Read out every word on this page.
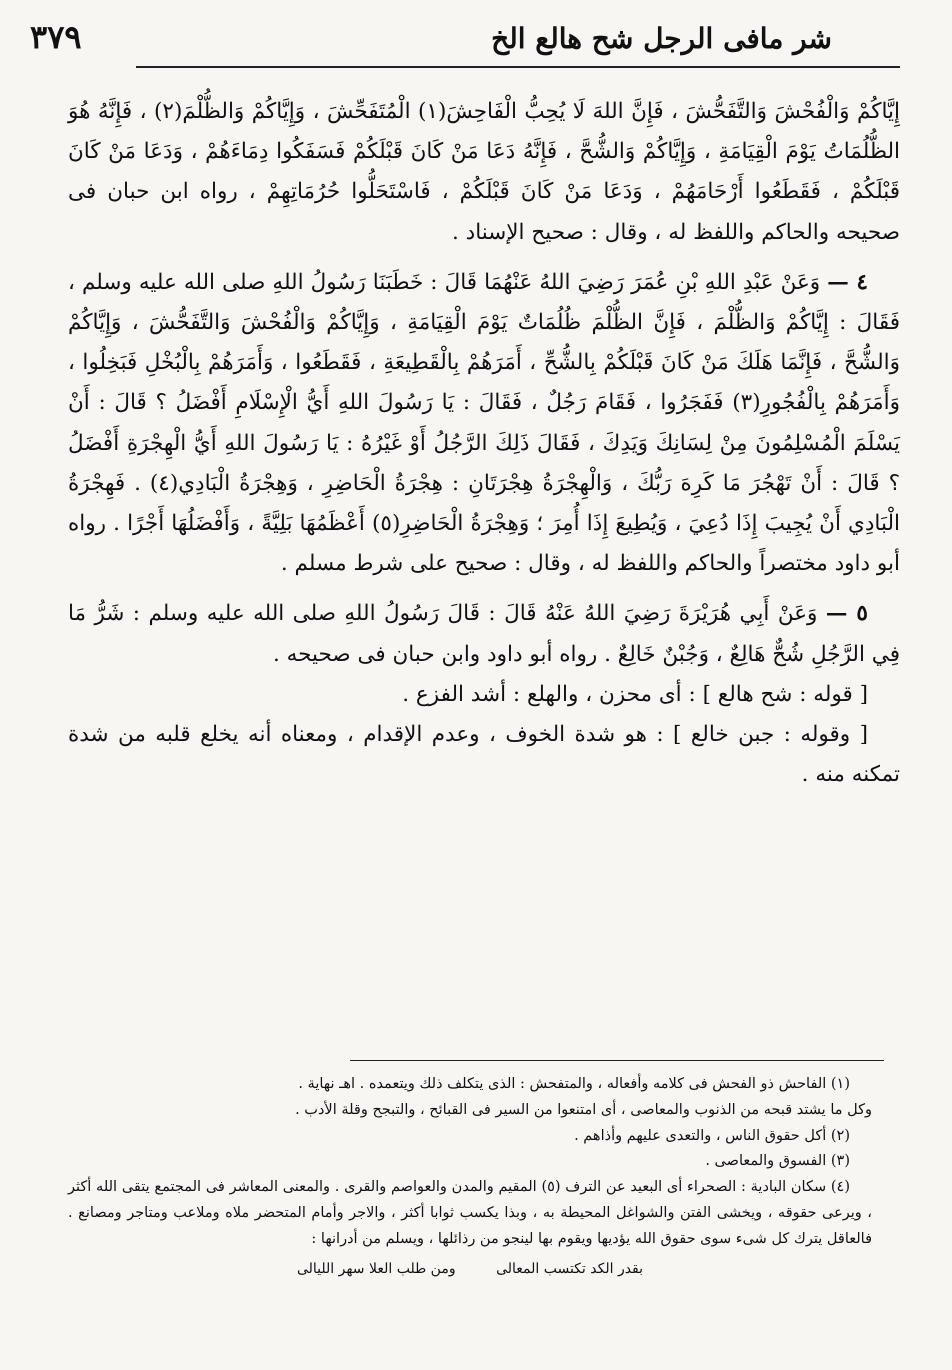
شر مافى الرجل شح هالع الخ
٣٧٩

إِيَّاكُمْ وَالْفُحْشَ وَالتَّفَحُّشَ ، فَإِنَّ اللهَ لَا يُحِبُّ الْفَاحِشَ(١) الْمُتَفَحِّشَ ، وَإِيَّاكُمْ وَالظُّلْمَ(٢) ، فَإِنَّهُ هُوَ الظُّلُمَاتُ يَوْمَ الْقِيَامَةِ ، وَإِيَّاكُمْ وَالشُّحَّ ، فَإِنَّهُ دَعَا مَنْ كَانَ قَبْلَكُمْ فَسَفَكُوا دِمَاءَهُمْ ، وَدَعَا مَنْ كَانَ قَبْلَكُمْ ، فَقَطَعُوا أَرْحَامَهُمْ ، وَدَعَا مَنْ كَانَ قَبْلَكُمْ ، فَاسْتَحَلُّوا حُرُمَاتِهِمْ ، رواه ابن حبان فى صحيحه والحاكم واللفظ له ، وقال : صحيح الإسناد .

٤ — وَعَنْ عَبْدِ اللهِ بْنِ عُمَرَ رَضِيَ اللهُ عَنْهُمَا قَالَ : خَطَبَنَا رَسُولُ اللهِ صلى الله عليه وسلم ، فَقَالَ : إِيَّاكُمْ وَالظُّلْمَ ، فَإِنَّ الظُّلْمَ ظُلُمَاتٌ يَوْمَ الْقِيَامَةِ ، وَإِيَّاكُمْ وَالْفُحْشَ وَالتَّفَحُّشَ ، وَإِيَّاكُمْ وَالشُّحَّ ، فَإِنَّمَا هَلَكَ مَنْ كَانَ قَبْلَكُمْ بِالشُّحِّ ، أَمَرَهُمْ بِالْقَطِيعَةِ ، فَقَطَعُوا ، وَأَمَرَهُمْ بِالْبُخْلِ فَبَخِلُوا ، وَأَمَرَهُمْ بِالْفُجُورِ(٣) فَفَجَرُوا ، فَقَامَ رَجُلٌ ، فَقَالَ : يَا رَسُولَ اللهِ أَيُّ الْإِسْلَامِ أَفْضَلُ ؟ قَالَ : أَنْ يَسْلَمَ الْمُسْلِمُونَ مِنْ لِسَانِكَ وَيَدِكَ ، فَقَالَ ذَلِكَ الرَّجُلُ أَوْ غَيْرُهُ : يَا رَسُولَ اللهِ أَيُّ الْهِجْرَةِ أَفْضَلُ ؟ قَالَ : أَنْ تَهْجُرَ مَا كَرِهَ رَبُّكَ ، وَالْهِجْرَةُ هِجْرَتَانِ : هِجْرَةُ الْحَاضِرِ ، وَهِجْرَةُ الْبَادِي(٤) . فَهِجْرَةُ الْبَادِي أَنْ يُجِيبَ إِذَا دُعِيَ ، وَيُطِيعَ إِذَا أُمِرَ ؛ وَهِجْرَةُ الْحَاضِرِ(٥) أَعْظَمُهَا بَلِيَّةً ، وَأَفْضَلُهَا أَجْرًا . رواه أبو داود مختصراً والحاكم واللفظ له ، وقال : صحيح على شرط مسلم .

٥ — وَعَنْ أَبِي هُرَيْرَةَ رَضِيَ اللهُ عَنْهُ قَالَ : قَالَ رَسُولُ اللهِ صلى الله عليه وسلم : شَرُّ مَا فِي الرَّجُلِ شُحٌّ هَالِعٌ ، وَجُبْنٌ خَالِعٌ . رواه أبو داود وابن حبان فى صحيحه .

[ قوله : شح هالع ] : أى محزن ، والهلع : أشد الفزع .

[ وقوله : جبن خالع ] : هو شدة الخوف ، وعدم الإقدام ، ومعناه أنه يخلع قلبه من شدة تمكنه منه .

(١) الفاحش ذو الفحش فى كلامه وأفعاله ، والمتفحش : الذى يتكلف ذلك ويتعمده . اهـ نهاية .

وكل ما يشتد قبحه من الذنوب والمعاصى ، أى امتنعوا من السير فى القبائح ، والتبجح وقلة الأدب .

(٢) أكل حقوق الناس ، والتعدى عليهم وأذاهم .

(٣) الفسوق والمعاصى .

(٤) سكان البادية : الصحراء أى البعيد عن الترف (٥) المقيم والمدن والعواصم والقرى . والمعنى المعاشر فى المجتمع يتقى الله أكثر ، ويرعى حقوقه ، ويخشى الفتن والشواغل المحيطة به ، وبذا يكسب ثوابا أكثر ، والاجر وأمام المتحضر ملاه وملاعب ومتاجر ومصانع . فالعاقل يترك كل شىء سوى حقوق الله يؤديها ويقوم بها لينجو من رذائلها ، ويسلم من أدرانها :

بقدر الكد تكتسب المعالى ومن طلب العلا سهر الليالى
